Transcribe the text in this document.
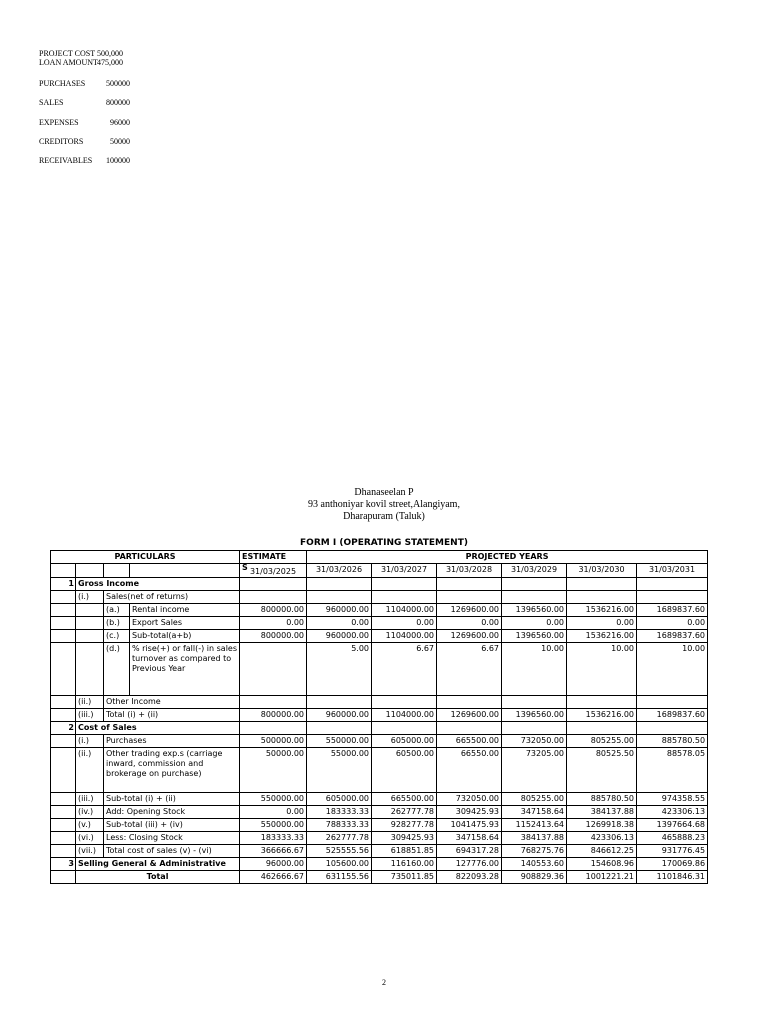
PROJECT COST 500,000
LOAN AMOUNT 475,000
PURCHASES	500000
SALES	800000
EXPENSES	96000
CREDITORS	50000
RECEIVABLES 100000
Dhanaseelan P
93 anthoniyar kovil street,Alangiyam,
Dharapuram (Taluk)
FORM I (OPERATING STATEMENT)
PARTICULARS				ESTIMATE	PROJECTED YEARS					

				S 31/03/2025	31/03/2026	31/03/2027	31/03/2028	31/03/2029	31/03/2030	31/03/2031
1	Gross Income									
	(i.)	Sales(net of returns)								
		(a.)	Rental income	800000.00	960000.00	1104000.00	1269600.00	1396560.00	1536216.00	1689837.60
		(b.)	Export Sales	0.00	0.00	0.00	0.00	0.00	0.00	0.00
		(c.)	Sub-total(a+b)	800000.00	960000.00	1104000.00	1269600.00	1396560.00	1536216.00	1689837.60
		(d.)	% rise(+) or fall(-) in sales turnover as compared to Previous Year		5.00	6.67	6.67	10.00	10.00	10.00
	(ii.)	Other Income								
	(iii.)	Total (i) + (ii)		800000.00	960000.00	1104000.00	1269600.00	1396560.00	1536216.00	1689837.60
2	Cost of Sales									
	(i.)	Purchases		500000.00	550000.00	605000.00	665500.00	732050.00	805255.00	885780.50
	(ii.)	Other trading exp.s (carriage inward, commission and brokerage on purchase)		50000.00	55000.00	60500.00	66550.00	73205.00	80525.50	88578.05
	(iii.)	Sub-total (i) + (ii)		550000.00	605000.00	665500.00	732050.00	805255.00	885780.50	974358.55
	(iv.)	Add: Opening Stock		0.00	183333.33	262777.78	309425.93	347158.64	384137.88	423306.13
	(v.)	Sub-total (iii) + (iv)		550000.00	788333.33	928277.78	1041475.93	1152413.64	1269918.38	1397664.68
	(vi.)	Less: Closing Stock		183333.33	262777.78	309425.93	347158.64	384137.88	423306.13	465888.23
	(vii.)	Total cost of sales (v) - (vi)		366666.67	525555.56	618851.85	694317.28	768275.76	846612.25	931776.45
3	Selling General & Administrative			96000.00	105600.00	116160.00	127776.00	140553.60	154608.96	170069.86
	Total			462666.67	631155.56	735011.85	822093.28	908829.36	1001221.21	1101846.31
2
